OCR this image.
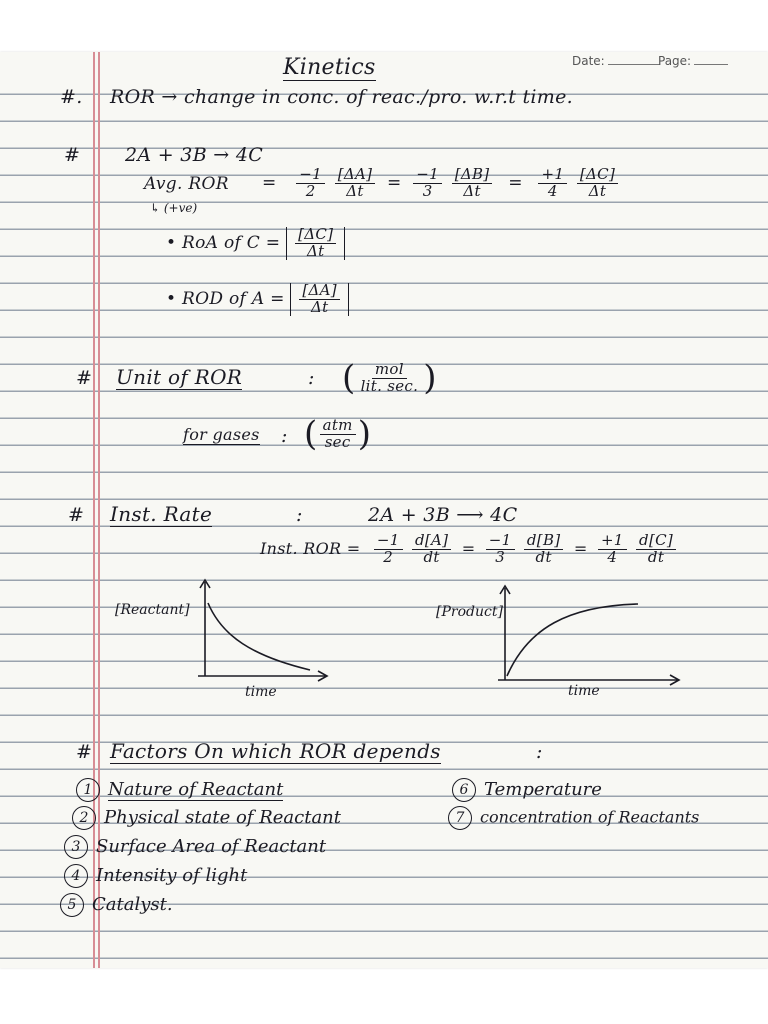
Date:	Page:
Kinetics
#. ROR → change in conc. of reac./pro. w.r.t time.
# 2A + 3B → 4C
Avg. ROR
↳ (+ve)
= $\frac{-1}{2}$
$\frac{[\Delta A]}{\Delta t} = \frac{-1}{3}$
$\frac{[\Delta B]}{\Delta t} = \frac{+1}{4}$
$\frac{[\Delta C]}{\Delta t}$
• RoA of $C = \frac{[\Delta C]}{\Delta t}$
• ROD of $A = \frac{[\Delta A]}{\Delta t}$
# Unit of ROR	: ( $\frac{\text{mol}}{\text{lit. sec.}}$ )
for gases : ( $\frac{\text{atm}}{\sec}$ )
# Inst. Rate	:	2A + 3B ⟶ 4C
Inst. ROR = $\frac{-1}{2}$
$\frac{d[A]}{dt} = \frac{-1}{3}$
$\frac{d[B]}{dt} = \frac{+1}{4}$
$\frac{d[C]}{dt}$
[Reactant]
time
[Product]
time
# Factors On which ROR depends	:
1 Nature of Reactant
2 Physical state of Reactant
3 Surface Area of Reactant
4 Intensity of light
5 Catalyst.
6 Temperature
7 concentration of Reactants
